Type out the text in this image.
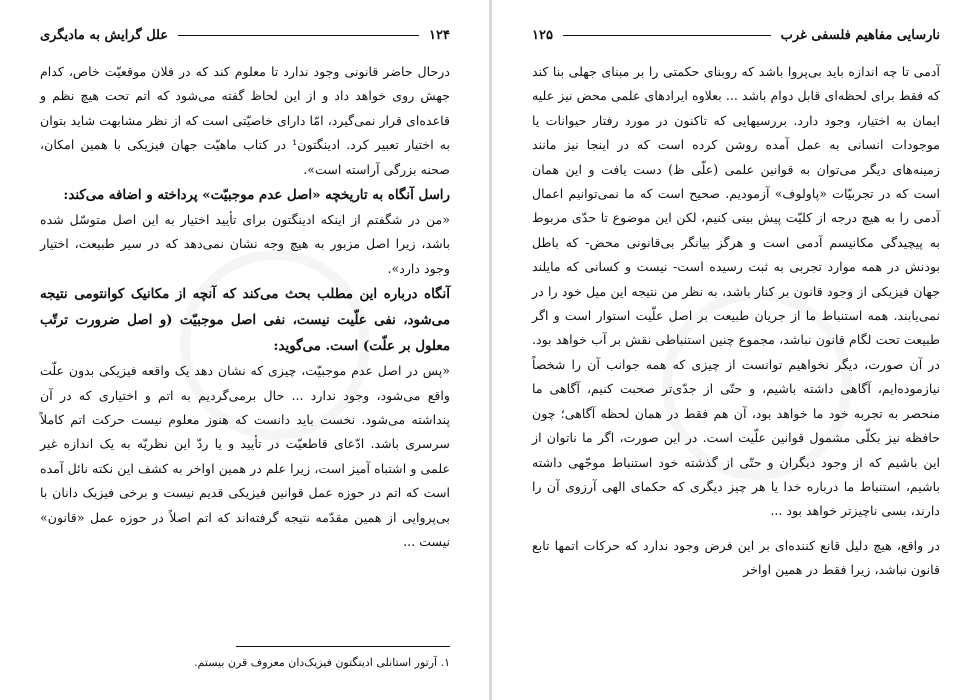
۱۲۴
علل گرایش به مادیگری

درحال حاضر قانونی وجود ندارد تا معلوم کند که در فلان موقعیّت خاص، کدام جهش روی خواهد داد و از این لحاظ گفته می‌شود که اتم تحت هیچ نظم و قاعده‌ای قرار نمی‌گیرد، امّا دارای خاصیّتی است که از نظر مشابهت شاید بتوان به اختیار تعبیر کرد. ادینگتون¹ در کتاب ماهیّت جهان فیزیکی با همین امکان، صحنه بزرگی آراسته است».

راسل آنگاه به تاریخچه «اصل عدم موجبیّت» پرداخته و اضافه می‌کند:

«من در شگفتم از اینکه ادینگتون برای تأیید اختیار به این اصل متوسّل شده باشد، زیرا اصل مزبور به هیچ وجه نشان نمی‌دهد که در سیر طبیعت، اختیار وجود دارد».

آنگاه درباره این مطلب بحث می‌کند که آنچه از مکانیک کوانتومی نتیجه می‌شود، نفی علّیت نیست، نفی اصل موجبیّت (و اصل ضرورت ترتّب معلول بر علّت) است. می‌گوید:

«پس در اصل عدم موجبیّت، چیزی که نشان دهد یک واقعه فیزیکی بدون علّت واقع می‌شود، وجود ندارد ... حال برمی‌گردیم به اتم و اختیاری که در آن پنداشته می‌شود. نخست باید دانست که هنوز معلوم نیست حرکت اتم کاملاً سرسری باشد. ادّعای قاطعیّت در تأیید و یا ردّ این نظریّه به یک اندازه غیر علمی و اشتباه آمیز است، زیرا علم در همین اواخر به کشف این نکته نائل آمده است که اتم در حوزه عمل قوانین فیزیکی قدیم نیست و برخی فیزیک دانان با بی‌پروایی از همین مقدّمه نتیجه گرفته‌اند که اتم اصلاً در حوزه عمل «قانون» نیست ...

۱. آرتور استانلی ادینگتون فیزیک‌دان معروف قرن بیستم.
نارسایی مفاهیم فلسفی غرب
۱۲۵

آدمی تا چه اندازه باید بی‌پروا باشد که روبنای حکمتی را بر مبنای جهلی بنا کند که فقط برای لحظه‌ای قابل دوام باشد ... بعلاوه ایرادهای علمی محض نیز علیه ایمان به اختیار، وجود دارد. بررسیهایی که تاکنون در مورد رفتار حیوانات یا موجودات انسانی به عمل آمده روشن کرده است که در اینجا نیز مانند زمینه‌های دیگر می‌توان به قوانین علمی (علّی ظ) دست یافت و این همان است که در تجربیّات «پاولوف» آزمودیم. صحیح است که ما نمی‌توانیم اعمال آدمی را به هیچ درجه از کلیّت پیش بینی کنیم، لکن این موضوع تا حدّی مربوط به پیچیدگی مکانیسم آدمی است و هرگز بیانگر بی‌قانونی محض- که باطل بودنش در همه موارد تجربی به ثبت رسیده است- نیست و کسانی که مایلند جهان فیزیکی از وجود قانون بر کنار باشد، به نظر من نتیجه این میل خود را در نمی‌یابند. همه استنباط ما از جریان طبیعت بر اصل علّیت استوار است و اگر طبیعت تحت لگام قانون نباشد، مجموع چنین استنباطی نقش بر آب خواهد بود. در آن صورت، دیگر نخواهیم توانست از چیزی که همه جوانب آن را شخصاً نیازموده‌ایم، آگاهی داشته باشیم، و حتّی از جدّی‌تر صحبت کنیم، آگاهی ما منحصر به تجربه خود ما خواهد بود، آن هم فقط در همان لحظه آگاهی؛ چون حافظه نیز بکلّی مشمول قوانین علّیت است. در این صورت، اگر ما ناتوان از این باشیم که از وجود دیگران و حتّی از گذشته خود استنباط موجّهی داشته باشیم، استنباط ما درباره خدا یا هر چیز دیگری که حکمای الهی آرزوی آن را دارند، بسی ناچیزتر خواهد بود ...

در واقع، هیچ دلیل قانع کننده‌ای بر این فرض وجود ندارد که حرکات اتمها تابع قانون نباشد، زیرا فقط در همین اواخر
